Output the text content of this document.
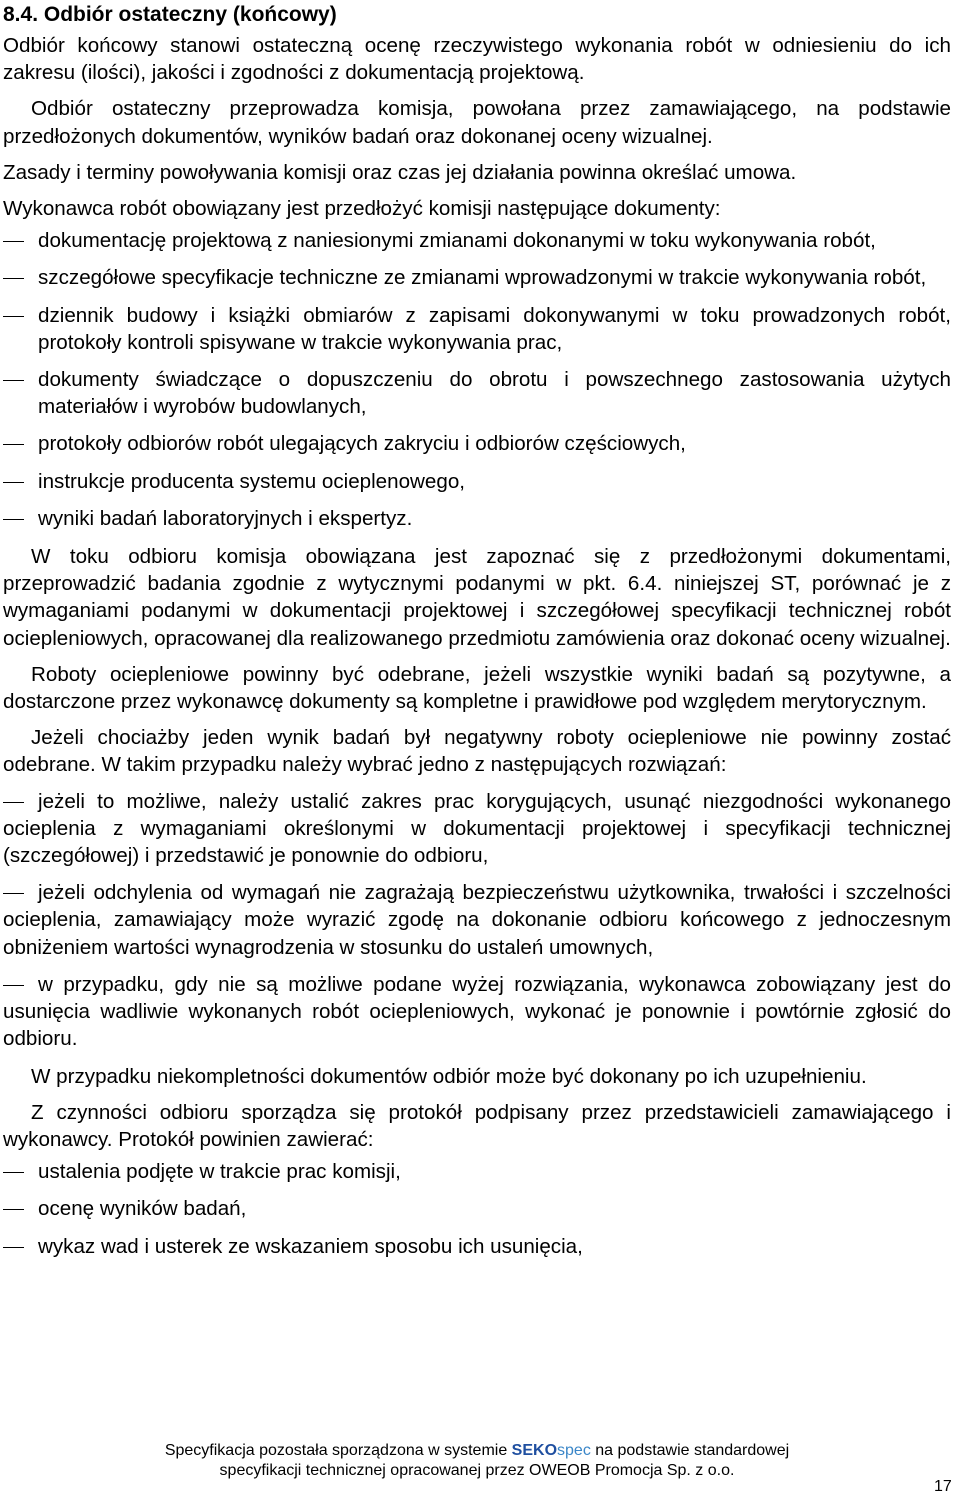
8.4. Odbiór ostateczny (końcowy)

Odbiór końcowy stanowi ostateczną ocenę rzeczywistego wykonania robót w odniesieniu do ich zakresu (ilości), jakości i zgodności z dokumentacją projektową.

Odbiór ostateczny przeprowadza komisja, powołana przez zamawiającego, na podstawie przedłożonych dokumentów, wyników badań oraz dokonanej oceny wizualnej.

Zasady i terminy powoływania komisji oraz czas jej działania powinna określać umowa.

Wykonawca robót obowiązany jest przedłożyć komisji następujące dokumenty:

dokumentację projektową z naniesionymi zmianami dokonanymi w toku wykonywania robót,
szczegółowe specyfikacje techniczne ze zmianami wprowadzonymi w trakcie wykonywania robót,
dziennik budowy i książki obmiarów z zapisami dokonywanymi w toku prowadzonych robót, protokoły kontroli spisywane w trakcie wykonywania prac,
dokumenty świadczące o dopuszczeniu do obrotu i powszechnego zastosowania użytych materiałów i wyrobów budowlanych,
protokoły odbiorów robót ulegających zakryciu i odbiorów częściowych,
instrukcje producenta systemu ocieplenowego,
wyniki badań laboratoryjnych i ekspertyz.

W toku odbioru komisja obowiązana jest zapoznać się z przedłożonymi dokumentami, przeprowadzić badania zgodnie z wytycznymi podanymi w pkt. 6.4. niniejszej ST, porównać je z wymaganiami podanymi w dokumentacji projektowej i szczegółowej specyfikacji technicznej robót ociepleniowych, opracowanej dla realizowanego przedmiotu zamówienia oraz dokonać oceny wizualnej.

Roboty ociepleniowe powinny być odebrane, jeżeli wszystkie wyniki badań są pozytywne, a dostarczone przez wykonawcę dokumenty są kompletne i prawidłowe pod względem merytorycznym.

Jeżeli chociażby jeden wynik badań był negatywny roboty ociepleniowe nie powinny zostać odebrane. W takim przypadku należy wybrać jedno z następujących rozwiązań:

jeżeli to możliwe, należy ustalić zakres prac korygujących, usunąć niezgodności wykonanego ocieplenia z wymaganiami określonymi w dokumentacji projektowej i specyfikacji technicznej (szczegółowej) i przedstawić je ponownie do odbioru,
jeżeli odchylenia od wymagań nie zagrażają bezpieczeństwu użytkownika, trwałości i szczelności ocieplenia, zamawiający może wyrazić zgodę na dokonanie odbioru końcowego z jednoczesnym obniżeniem wartości wynagrodzenia w stosunku do ustaleń umownych,
w przypadku, gdy nie są możliwe podane wyżej rozwiązania, wykonawca zobowiązany jest do usunięcia wadliwie wykonanych robót ociepleniowych, wykonać je ponownie i powtórnie zgłosić do odbioru.

W przypadku niekompletności dokumentów odbiór może być dokonany po ich uzupełnieniu.

Z czynności odbioru sporządza się protokół podpisany przez przedstawicieli zamawiającego i wykonawcy. Protokół powinien zawierać:

ustalenia podjęte w trakcie prac komisji,
ocenę wyników badań,
wykaz wad i usterek ze wskazaniem sposobu ich usunięcia,
Specyfikacja pozostała sporządzona w systemie SEKOspec na podstawie standardowej
specyfikacji technicznej opracowanej przez OWEOB Promocja Sp. z o.o.
17
